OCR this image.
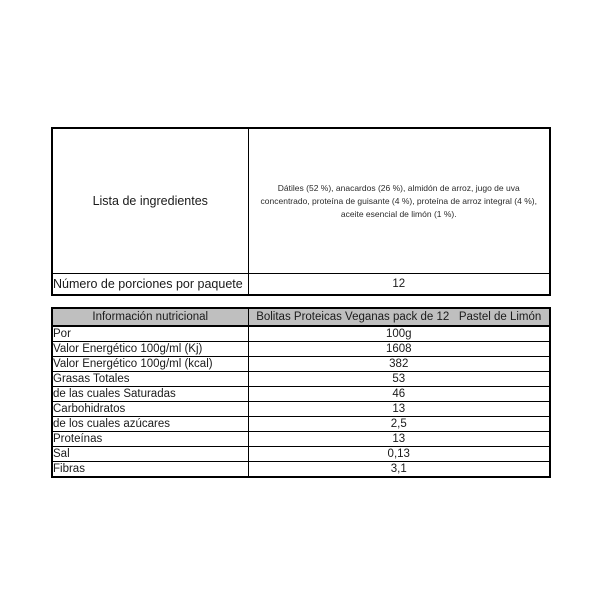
Lista de ingredientes	Dátiles (52 %), anacardos (26 %), almidón de arroz, jugo de uva concentrado, proteína de guisante (4 %), proteína de arroz integral (4 %), aceite esencial de limón (1 %).

Número de porciones por paquete	12
Información nutricional	Bolitas Proteicas Veganas pack de 12   Pastel de Limón
Por	100g
Valor Energético 100g/ml (Kj)	1608
Valor Energético 100g/ml (kcal)	382
Grasas Totales	53
de las cuales Saturadas	46
Carbohidratos	13
de los cuales azúcares	2,5
Proteínas	13
Sal	0,13
Fibras	3,1
